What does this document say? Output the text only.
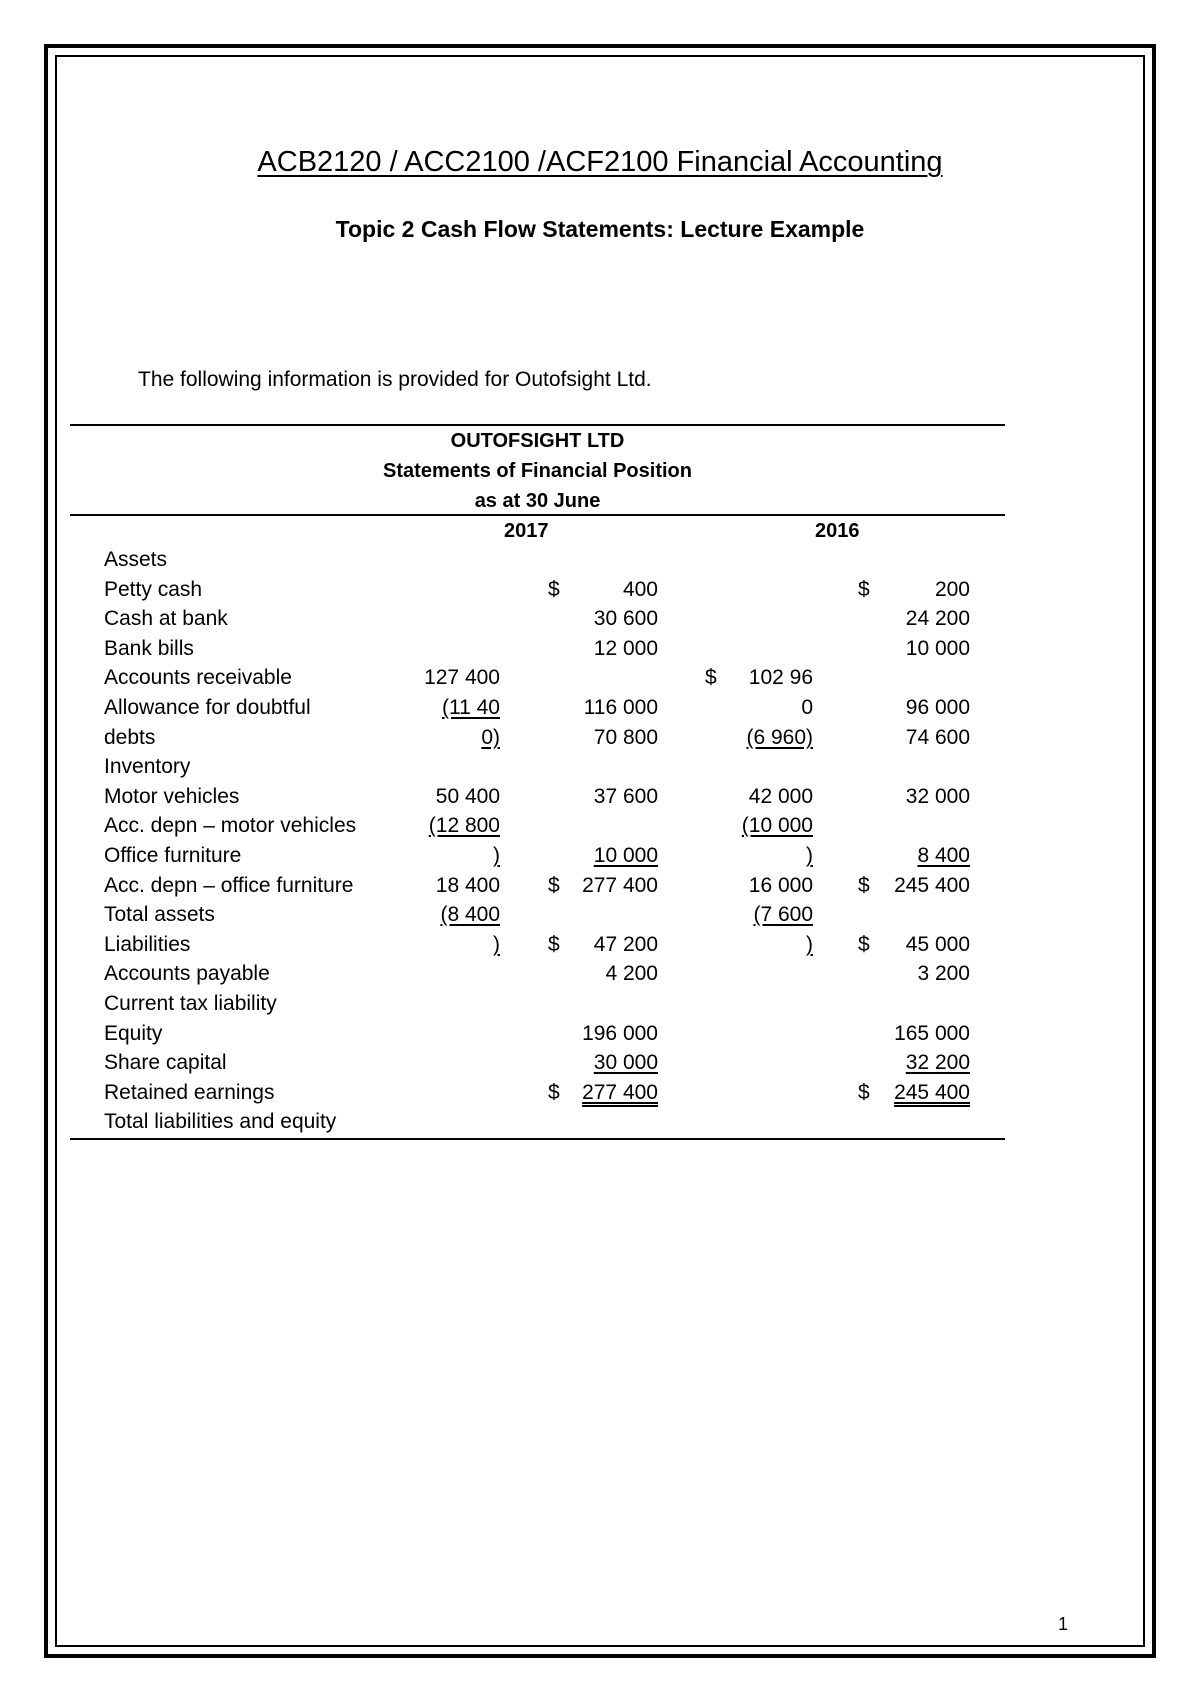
ACB2120 / ACC2100 /ACF2100 Financial Accounting
Topic 2 Cash Flow Statements: Lecture Example
The following information is provided for Outofsight Ltd.
OUTOFSIGHT LTD
Statements of Financial Position
as at 30 June
2017	2016
Assets
Petty cash
Cash at bank
Bank bills
Accounts receivable
Allowance for doubtful
debts
Inventory
Motor vehicles
Acc. depn – motor vehicles
Office furniture
Acc. depn – office furniture
Total assets
Liabilities
Accounts payable
Current tax liability
Equity
Share capital
Retained earnings
Total liabilities and equity
127 400
(11 40
0)
50 400
(12 800
)
18 400
(8 400
)
400
30 600
12 000
116 000
70 800
37 600
10 000
277 400
47 200
4 200
196 000
30 000
277 400
102 96
0
(6 960)
42 000
(10 000
)
16 000
(7 600
)
200
24 200
10 000
96 000
74 600
32 000
8 400
245 400
45 000
3 200
165 000
32 200
245 400
$
$
$
$
$
$
$
$
$
1
